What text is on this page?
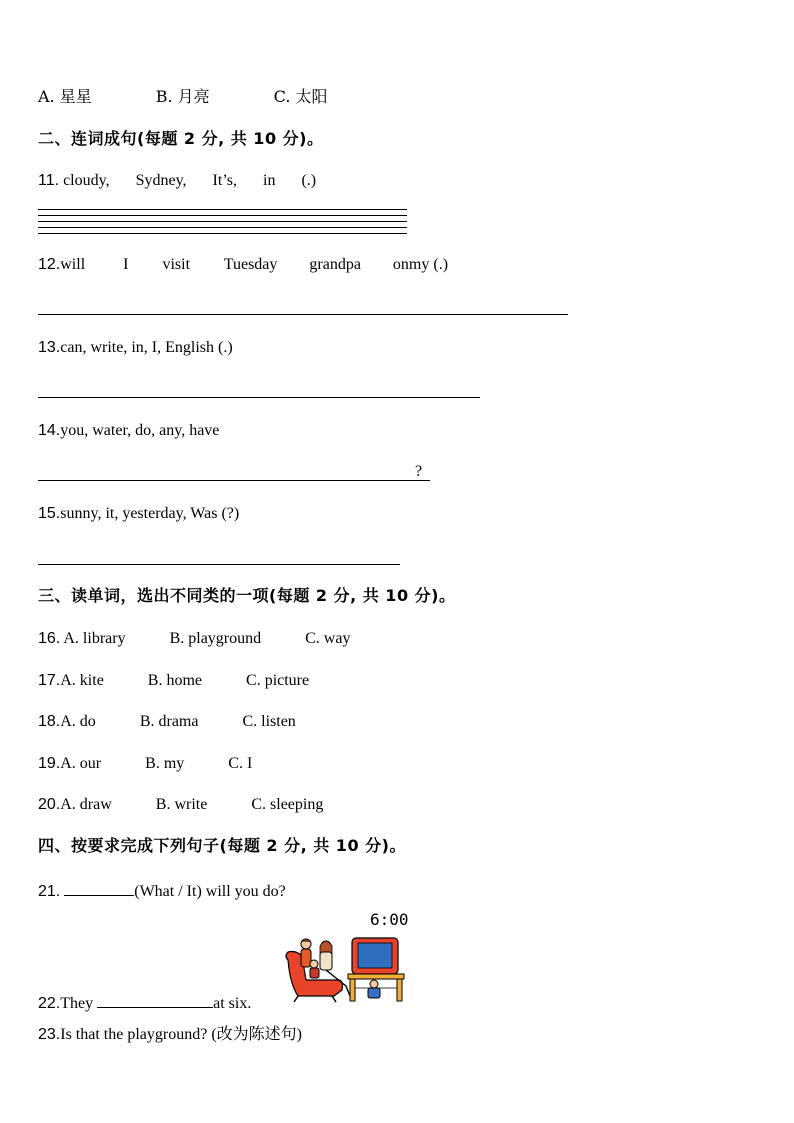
A. 星星	B. 月亮	C. 太阳
二、连词成句(每题 2 分, 共 10 分)。
11. cloudy, Sydney, It’s, in (.)
12.will I visit Tuesday grandpa onmy (.)
13.can, write, in, I, English (.)
14.you, water, do, any, have
?
15.sunny, it, yesterday, Was (?)
三、读单词，选出不同类的一项(每题 2 分, 共 10 分)。
16. A. library	B. playground	C. way
17.A. kite	B. home	C. picture
18.A. do	B. drama	C. listen
19.A. our	B. my	C. I
20.A. draw	B. write	C. sleeping
四、按要求完成下列句子(每题 2 分, 共 10 分)。
21.	(What / It) will you do?
6:00
22.They	at six.
23.Is that the playground? (改为陈述句)
